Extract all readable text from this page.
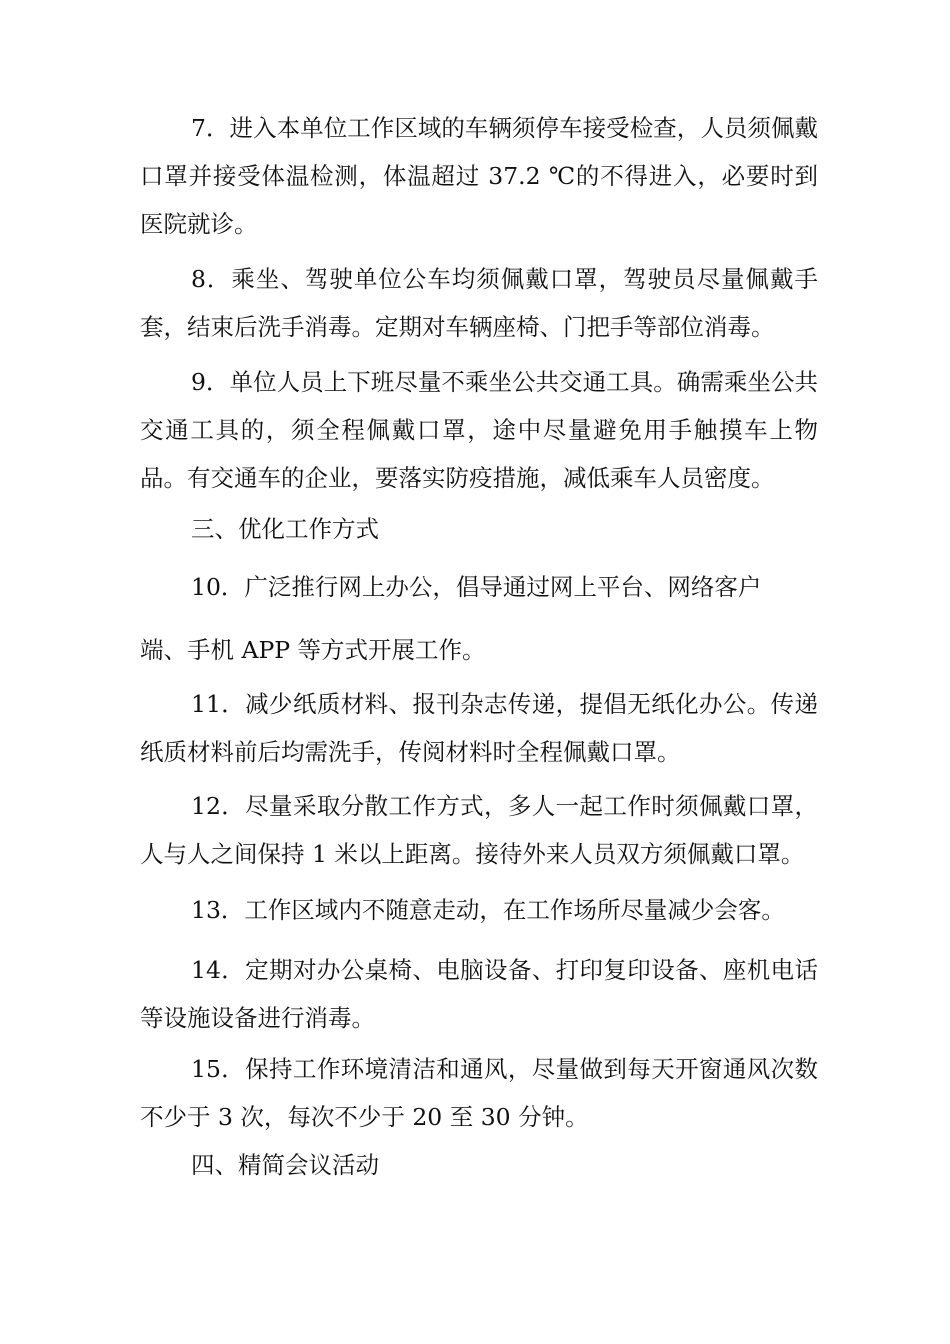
7．进入本单位工作区域的车辆须停车接受检查，人员须佩戴口罩并接受体温检测，体温超过 37.2 ℃的不得进入，必要时到医院就诊。
8．乘坐、驾驶单位公车均须佩戴口罩，驾驶员尽量佩戴手套，结束后洗手消毒。定期对车辆座椅、门把手等部位消毒。
9．单位人员上下班尽量不乘坐公共交通工具。确需乘坐公共交通工具的，须全程佩戴口罩，途中尽量避免用手触摸车上物品。有交通车的企业，要落实防疫措施，减低乘车人员密度。
三、优化工作方式
10．广泛推行网上办公，倡导通过网上平台、网络客户
端、手机 APP 等方式开展工作。
11．减少纸质材料、报刊杂志传递，提倡无纸化办公。传递纸质材料前后均需洗手，传阅材料时全程佩戴口罩。
12．尽量采取分散工作方式，多人一起工作时须佩戴口罩，人与人之间保持 1 米以上距离。接待外来人员双方须佩戴口罩。
13．工作区域内不随意走动，在工作场所尽量减少会客。
14．定期对办公桌椅、电脑设备、打印复印设备、座机电话等设施设备进行消毒。
15．保持工作环境清洁和通风，尽量做到每天开窗通风次数不少于 3 次，每次不少于 20 至 30 分钟。
四、精简会议活动
